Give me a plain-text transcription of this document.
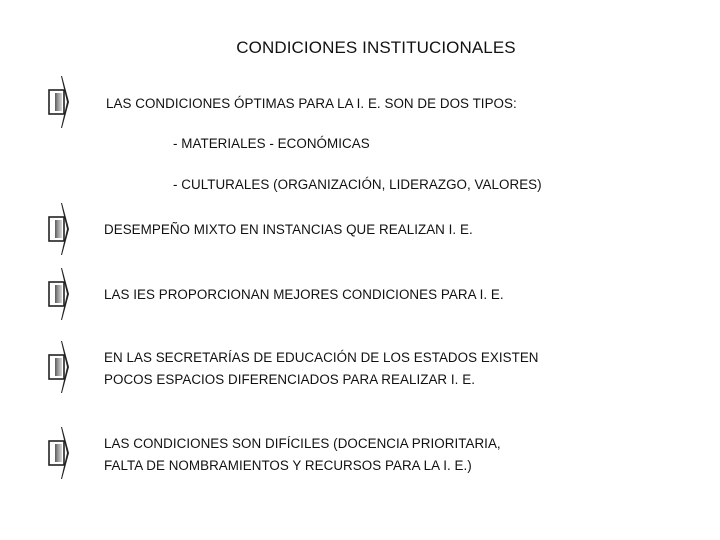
CONDICIONES INSTITUCIONALES
LAS CONDICIONES ÓPTIMAS PARA LA I. E. SON DE DOS TIPOS:
- MATERIALES - ECONÓMICAS
- CULTURALES (ORGANIZACIÓN, LIDERAZGO, VALORES)
DESEMPEÑO MIXTO EN INSTANCIAS QUE REALIZAN I. E.
LAS IES PROPORCIONAN MEJORES CONDICIONES PARA I. E.
EN LAS SECRETARÍAS DE EDUCACIÓN DE LOS ESTADOS EXISTEN
POCOS ESPACIOS DIFERENCIADOS PARA REALIZAR I. E.
LAS CONDICIONES SON DIFÍCILES (DOCENCIA PRIORITARIA,
FALTA DE NOMBRAMIENTOS Y RECURSOS PARA LA I. E.)
